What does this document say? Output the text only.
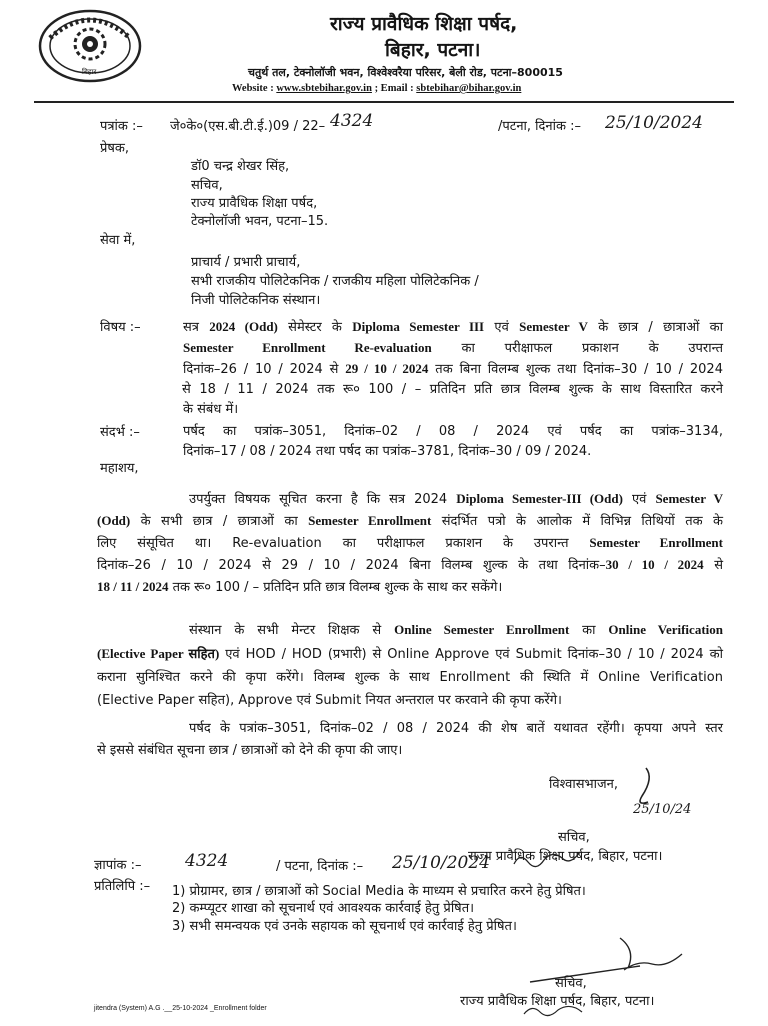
बिहार
राज्य प्रावैधिक शिक्षा पर्षद,
बिहार, पटना।
चतुर्थ तल, टेक्नोलॉजी भवन, विश्वेश्वरैया परिसर, बेली रोड, पटना–800015
Website : www.sbtebihar.gov.in ; Email : sbtebihar@bihar.gov.in
पत्रांक :– जे०के०(एस.बी.टी.ई.)09 / 22– 4324	/पटना, दिनांक :– 25/10/2024
प्रेषक,
डॉ0 चन्द्र शेखर सिंह,
सचिव,
राज्य प्रावैधिक शिक्षा पर्षद,
टेक्नोलॉजी भवन, पटना–15.
सेवा में,
प्राचार्य / प्रभारी प्राचार्य,
सभी राजकीय पोलिटेकनिक / राजकीय महिला पोलिटेकनिक /
निजी पोलिटेकनिक संस्थान।
विषय :–	सत्र 2024 (Odd) सेमेस्टर के Diploma Semester III एवं Semester V के छात्र / छात्राओं का
Semester Enrollment Re-evaluation का परीक्षाफल प्रकाशन के उपरान्त
दिनांक–26 / 10 / 2024 से 29 / 10 / 2024 तक बिना विलम्ब शुल्क तथा दिनांक–30 / 10 / 2024
से 18 / 11 / 2024 तक रू० 100 / – प्रतिदिन प्रति छात्र विलम्ब शुल्क के साथ विस्तारित करने
के संबंध में।
संदर्भ :–	पर्षद का पत्रांक–3051, दिनांक–02 / 08 / 2024 एवं पर्षद का पत्रांक–3134,
दिनांक–17 / 08 / 2024 तथा पर्षद का पत्रांक–3781, दिनांक–30 / 09 / 2024.
महाशय,
उपर्युक्त विषयक सूचित करना है कि सत्र 2024 Diploma Semester-III (Odd) एवं Semester V
(Odd) के सभी छात्र / छात्राओं का Semester Enrollment संदर्भित पत्रो के आलोक में विभिन्न तिथियों तक के
लिए संसूचित था। Re-evaluation का परीक्षाफल प्रकाशन के उपरान्त Semester Enrollment
दिनांक–26 / 10 / 2024 से 29 / 10 / 2024 बिना विलम्ब शुल्क के तथा दिनांक–30 / 10 / 2024 से
18 / 11 / 2024 तक रू० 100 / – प्रतिदिन प्रति छात्र विलम्ब शुल्क के साथ कर सकेंगे।
संस्थान के सभी मेन्टर शिक्षक से Online Semester Enrollment का Online Verification
(Elective Paper सहित) एवं HOD / HOD (प्रभारी) से Online Approve एवं Submit दिनांक–30 / 10 / 2024 को
कराना सुनिश्चित करने की कृपा करेंगे। विलम्ब शुल्क के साथ Enrollment की स्थिति में Online Verification
(Elective Paper सहित), Approve एवं Submit नियत अन्तराल पर करवाने की कृपा करेंगे।
पर्षद के पत्रांक–3051, दिनांक–02 / 08 / 2024 की शेष बातें यथावत रहेंगी। कृपया अपने स्तर
से इससे संबंधित सूचना छात्र / छात्राओं को देने की कृपा की जाए।
विश्वासभाजन,
25/10/24
सचिव,
राज्य प्रावैधिक शिक्षा पर्षद, बिहार, पटना।
ज्ञापांक :–	4324	/ पटना, दिनांक :– 25/10/2024
प्रतिलिपि :– 1) प्रोग्रामर, छात्र / छात्राओं को Social Media के माध्यम से प्रचारित करने हेतु प्रेषित।
2) कम्प्यूटर शाखा को सूचनार्थ एवं आवश्यक कार्रवाई हेतु प्रेषित।
3) सभी समन्वयक एवं उनके सहायक को सूचनार्थ एवं कार्रवाई हेतु प्रेषित।
सचिव,
राज्य प्रावैधिक शिक्षा पर्षद, बिहार, पटना।
jitendra (System) A.G .__25-10-2024 _Enrollment folder
